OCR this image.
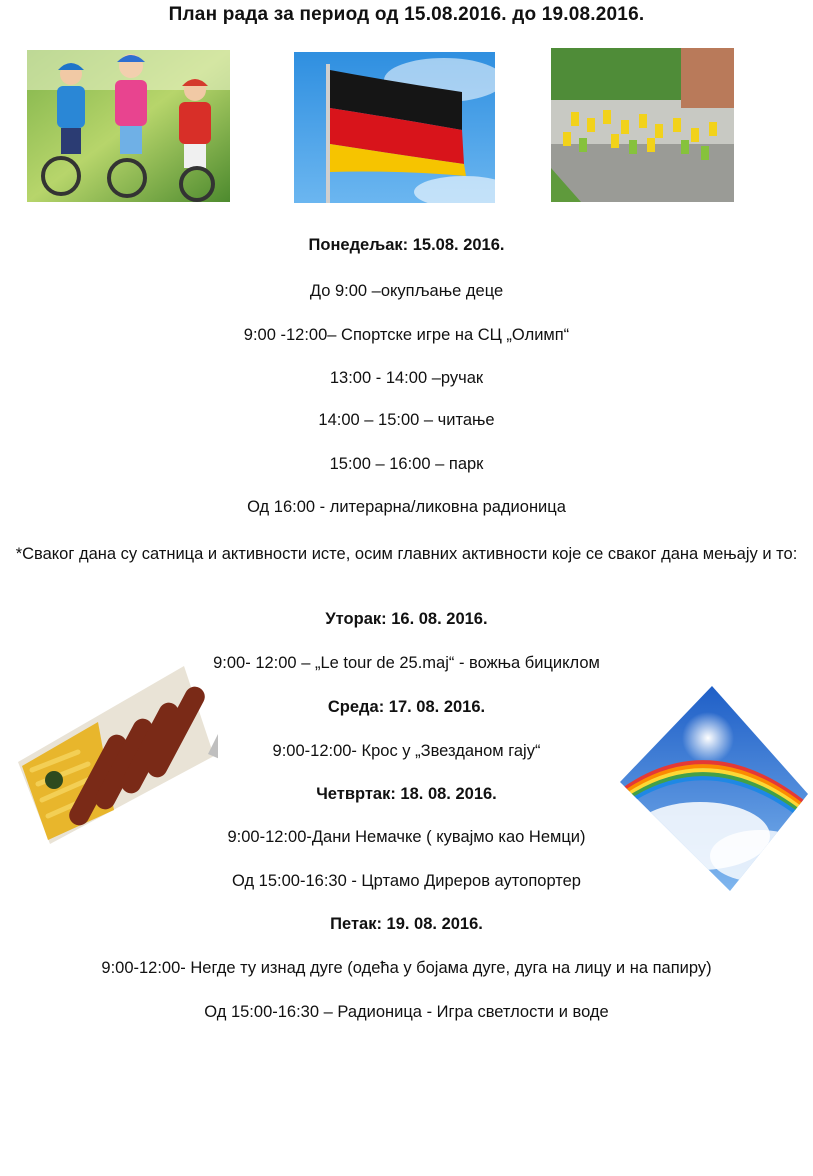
План рада за период од 15.08.2016. до 19.08.2016.
Понедељак: 15.08. 2016.
До 9:00 –окупљање деце
9:00 -12:00– Спортске игре на СЦ „Олимп“
13:00 - 14:00 –ручак
14:00 – 15:00 – читање
15:00 – 16:00 – парк
Од 16:00 - литерарна/ликовна радионица
*Сваког дана су сатница и активности исте, осим главних активности које се сваког дана мењају и то:
Уторак: 16. 08. 2016.
9:00- 12:00 – „Le tour de 25.maj“ - вожња бициклом
Среда: 17. 08. 2016.
9:00-12:00- Крос у „Звезданом гају“
Четвртак: 18. 08. 2016.
9:00-12:00-Дани Немачке ( кувајмо као Немци)
Од 15:00-16:30 - Цртамо Диреров аутопортер
Петак: 19. 08. 2016.
9:00-12:00- Негде ту изнад дуге (одећа у бојама дуге, дуга на лицу и на папиру)
Од 15:00-16:30 – Радионица - Игра светлости и воде
